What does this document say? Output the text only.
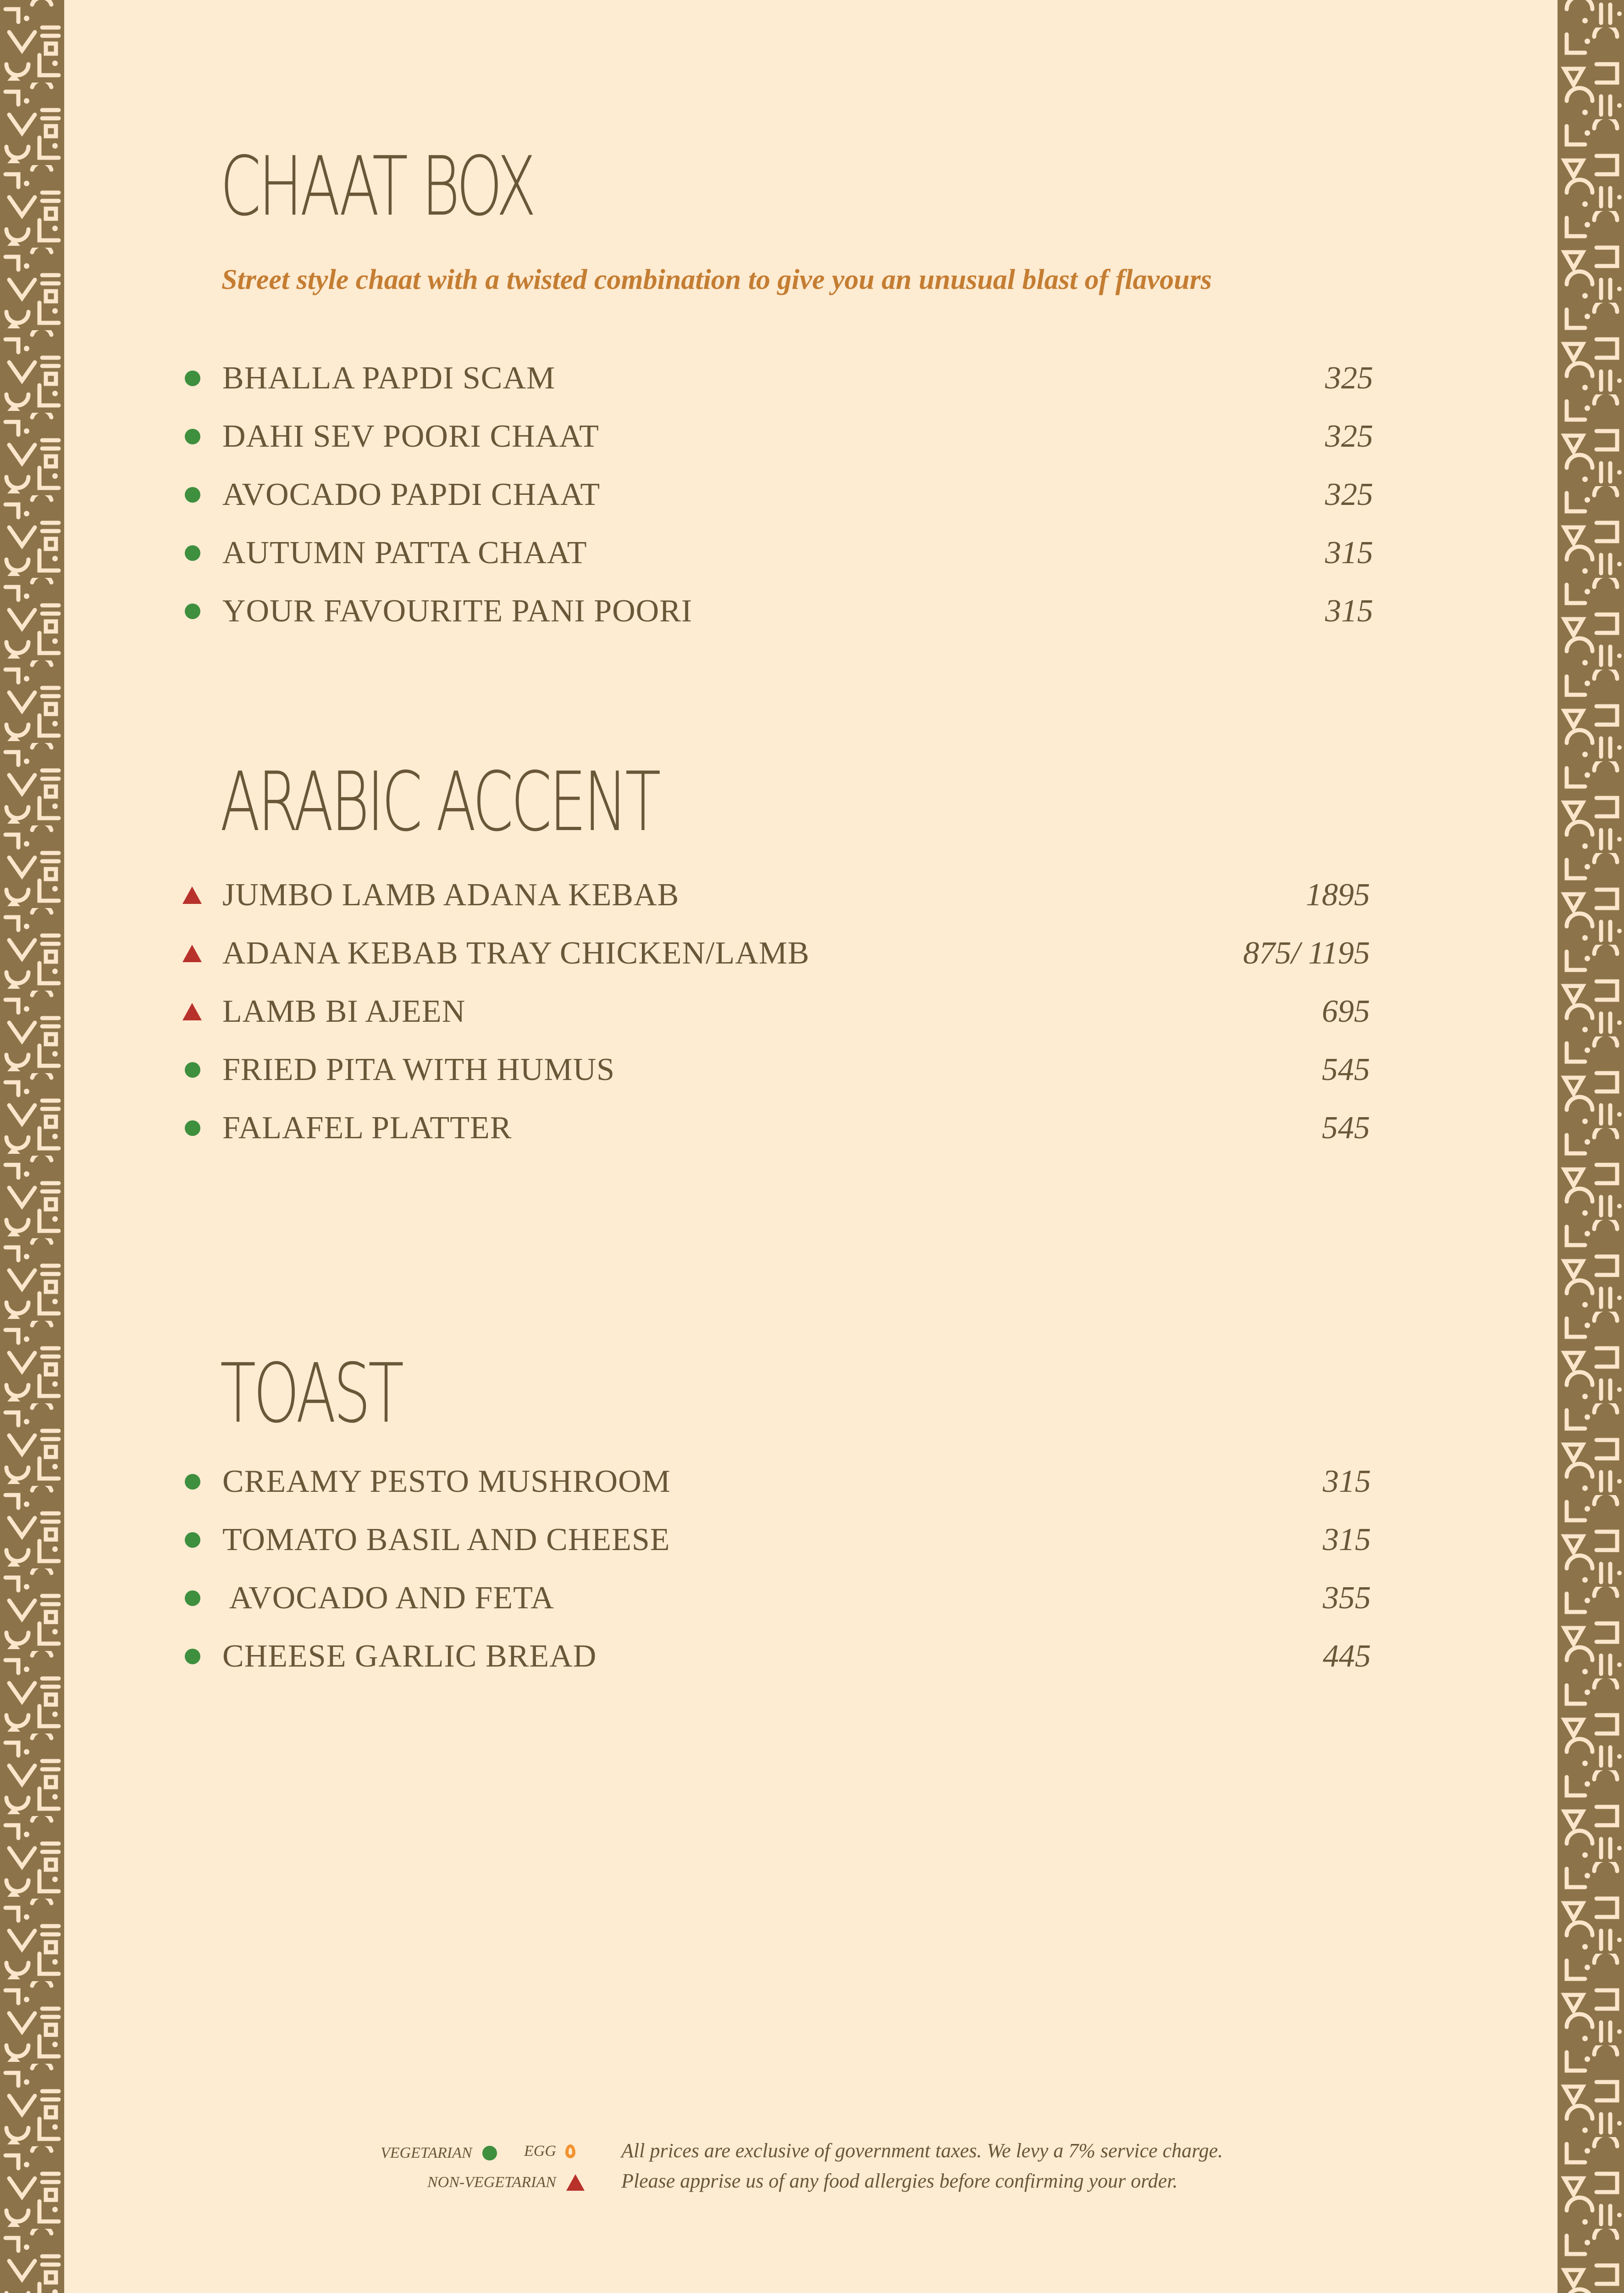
CHAAT BOX
Street style chaat with a twisted combination to give you an unusual blast of flavours
BHALLA PAPDI SCAM	325
DAHI SEV POORI CHAAT	325
AVOCADO PAPDI CHAAT	325
AUTUMN PATTA CHAAT	315
YOUR FAVOURITE PANI POORI	315
ARABIC ACCENT
JUMBO LAMB ADANA KEBAB	1895
ADANA KEBAB TRAY CHICKEN/LAMB	875/ 1195
LAMB BI AJEEN	695
FRIED PITA WITH HUMUS	545
FALAFEL PLATTER	545
TOAST
CREAMY PESTO MUSHROOM	315
TOMATO BASIL AND CHEESE	315
AVOCADO AND FETA	355
CHEESE GARLIC BREAD	445
VEGETARIAN	EGG
NON-VEGETARIAN
All prices are exclusive of government taxes. We levy a 7% service charge.
Please apprise us of any food allergies before confirming your order.
